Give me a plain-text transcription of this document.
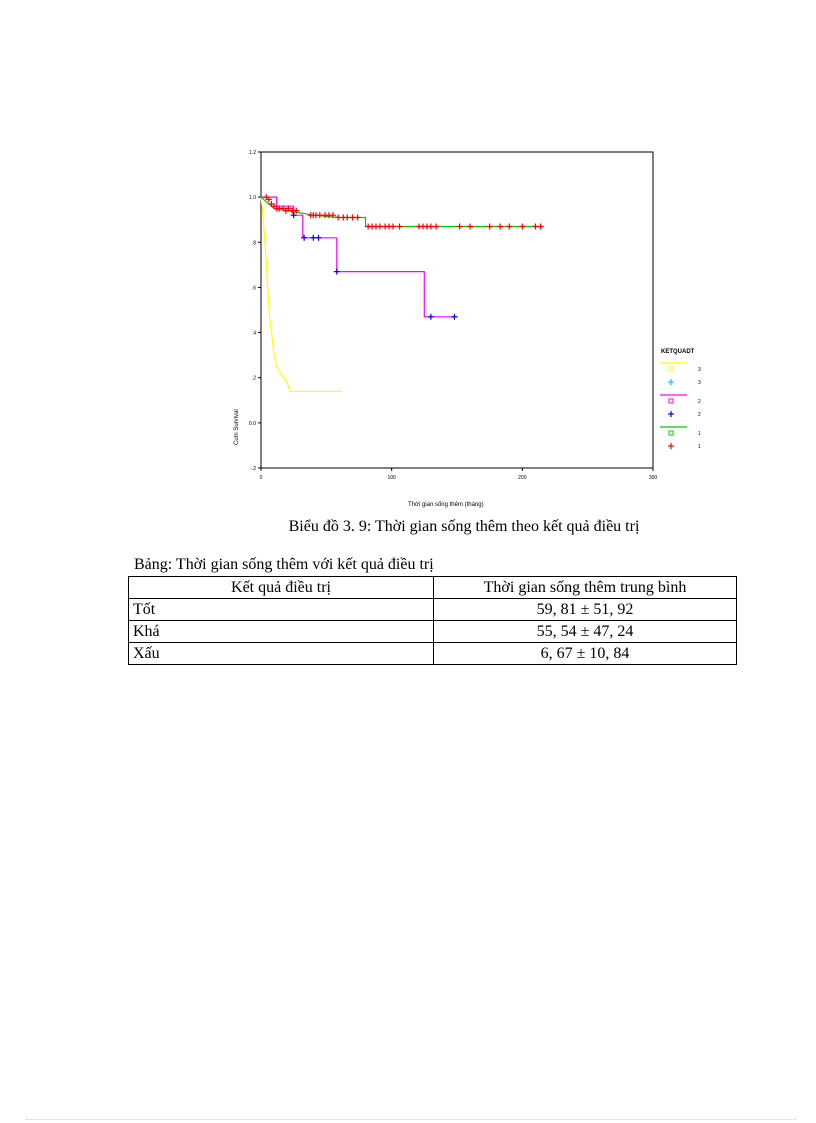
1.2
1.0
.8
.6
.4
.2
0.0
-.2
0	100	200	300
Cum Survival
Thời gian sống thêm (tháng)
KETQUADT
3
3
2
2
1
1
Biểu đồ 3. 9: Thời gian sống thêm theo kết quả điều trị
Bảng: Thời gian sống thêm với kết quả điều trị
Kết quả điều trị	Thời gian sống thêm trung bình
Tốt	59, 81 ± 51, 92
Khá	55, 54 ± 47, 24
Xấu	6, 67 ± 10, 84
